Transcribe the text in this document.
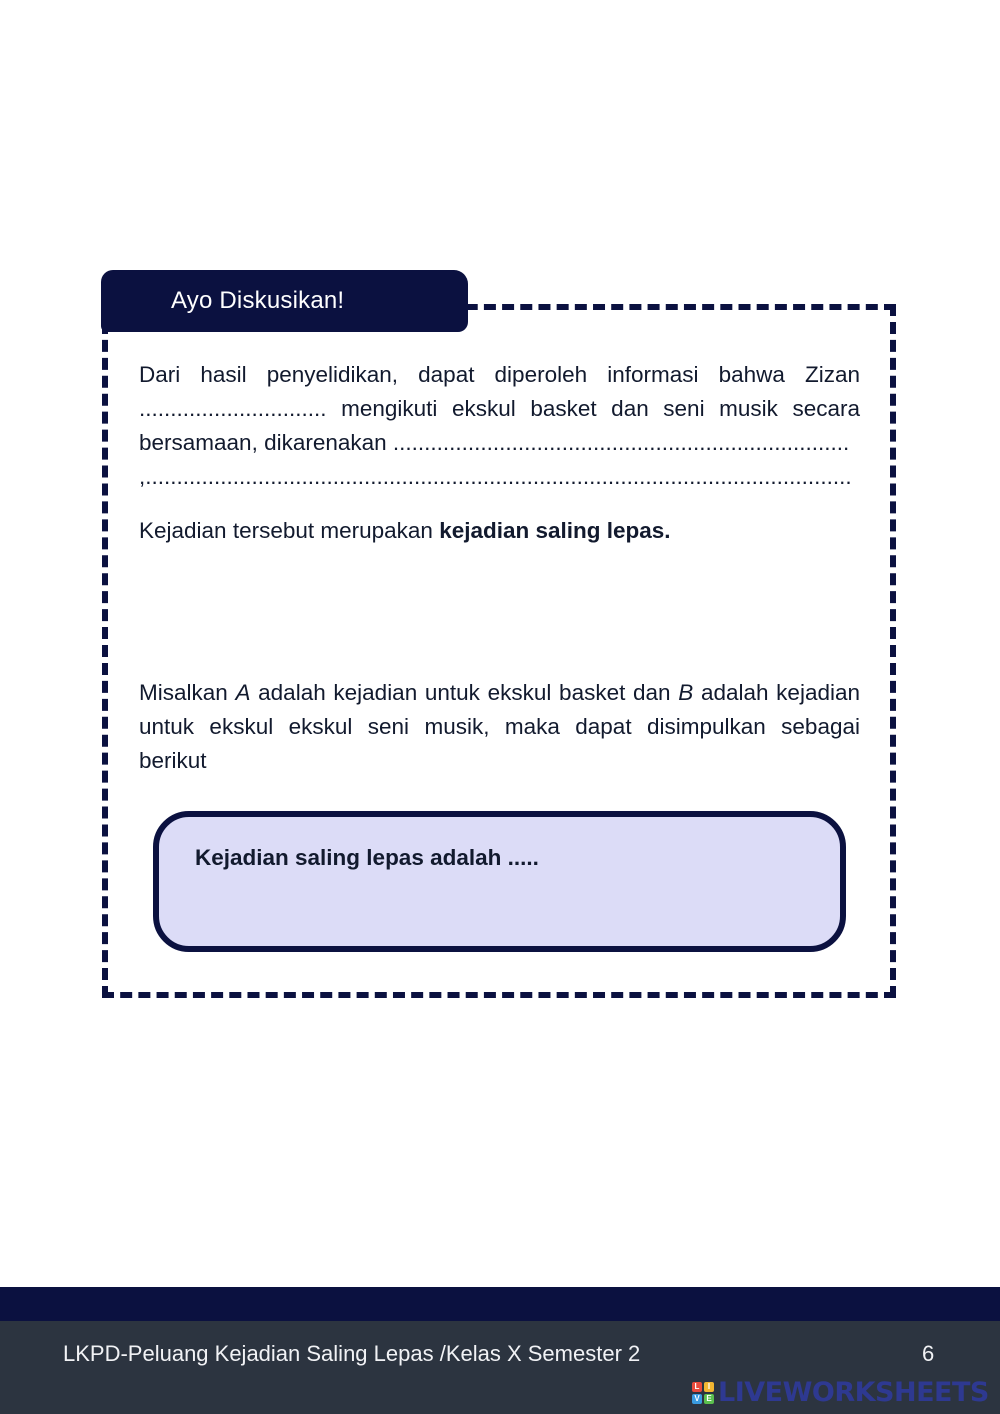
Ayo Diskusikan!

Dari hasil penyelidikan, dapat diperoleh informasi bahwa Zizan .............................. mengikuti ekskul basket dan seni musik secara bersamaan, dikarenakan .........................................................................
,.................................................................................................................

Kejadian tersebut merupakan kejadian saling lepas.

Misalkan A adalah kejadian untuk ekskul basket dan B adalah kejadian untuk ekskul ekskul seni musik, maka dapat disimpulkan sebagai berikut

Kejadian saling lepas adalah .....
LKPD-Peluang Kejadian Saling Lepas /Kelas X Semester 2	6
L	I
V E LIVEWORKSHEETS
